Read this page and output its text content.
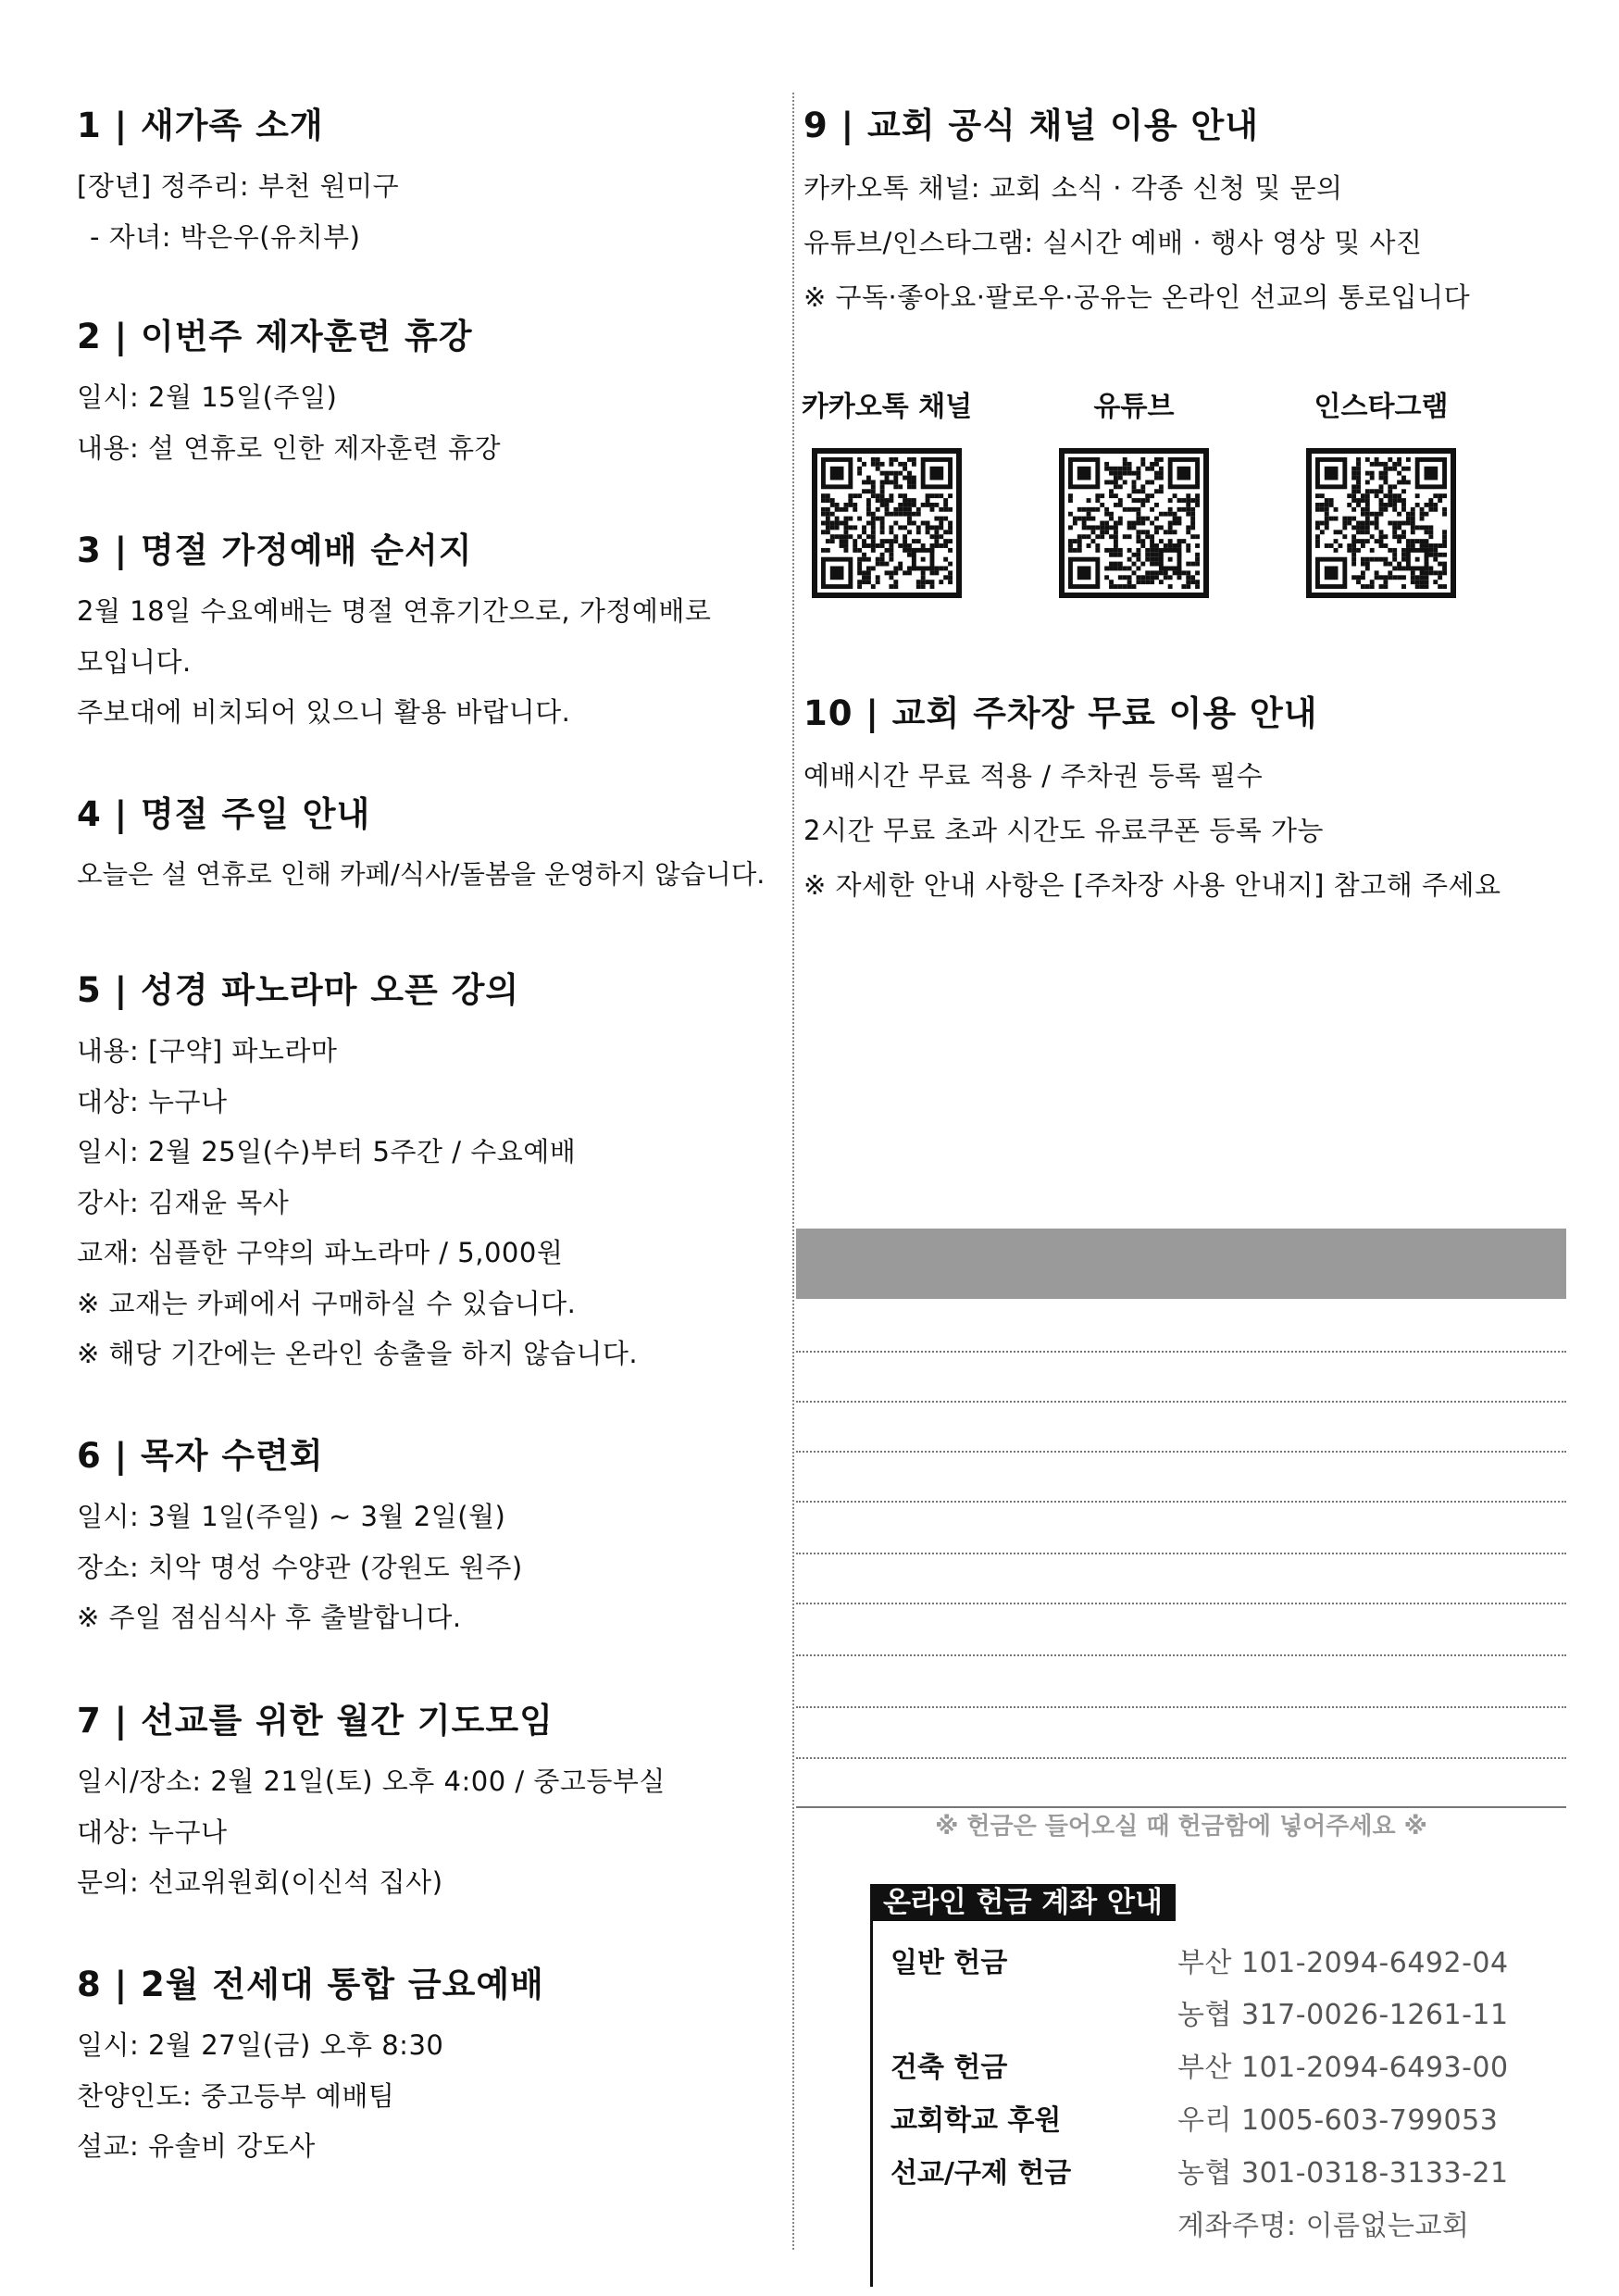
1 | 새가족 소개
[장년] 정주리: 부천 원미구
- 자녀: 박은우(유치부)
2 | 이번주 제자훈련 휴강
일시: 2월 15일(주일)
내용: 설 연휴로 인한 제자훈련 휴강
3 | 명절 가정예배 순서지
2월 18일 수요예배는 명절 연휴기간으로, 가정예배로
모입니다.
주보대에 비치되어 있으니 활용 바랍니다.
4 | 명절 주일 안내
오늘은 설 연휴로 인해 카페/식사/돌봄을 운영하지 않습니다.
5 | 성경 파노라마 오픈 강의
내용: [구약] 파노라마
대상: 누구나
일시: 2월 25일(수)부터 5주간 / 수요예배
강사: 김재윤 목사
교재: 심플한 구약의 파노라마 / 5,000원
※ 교재는 카페에서 구매하실 수 있습니다.
※ 해당 기간에는 온라인 송출을 하지 않습니다.
6 | 목자 수련회
일시: 3월 1일(주일) ~ 3월 2일(월)
장소: 치악 명성 수양관 (강원도 원주)
※ 주일 점심식사 후 출발합니다.
7 | 선교를 위한 월간 기도모임
일시/장소: 2월 21일(토) 오후 4:00 / 중고등부실
대상: 누구나
문의: 선교위원회(이신석 집사)
8 | 2월 전세대 통합 금요예배
일시: 2월 27일(금) 오후 8:30
찬양인도: 중고등부 예배팀
설교: 유솔비 강도사
9 | 교회 공식 채널 이용 안내
카카오톡 채널: 교회 소식 · 각종 신청 및 문의
유튜브/인스타그램: 실시간 예배 · 행사 영상 및 사진
※ 구독·좋아요·팔로우·공유는 온라인 선교의 통로입니다
카카오톡 채널	유튜브	인스타그램
10 | 교회 주차장 무료 이용 안내
예배시간 무료 적용 / 주차권 등록 필수
2시간 무료 초과 시간도 유료쿠폰 등록 가능
※ 자세한 안내 사항은 [주차장 사용 안내지] 참고해 주세요
※ 헌금은 들어오실 때 헌금함에 넣어주세요 ※
온라인 헌금 계좌 안내
일반 헌금	부산 101-2094-6492-04
농협 317-0026-1261-11
건축 헌금	부산 101-2094-6493-00
교회학교 후원	우리 1005-603-799053
선교/구제 헌금	농협 301-0318-3133-21
계좌주명: 이름없는교회
